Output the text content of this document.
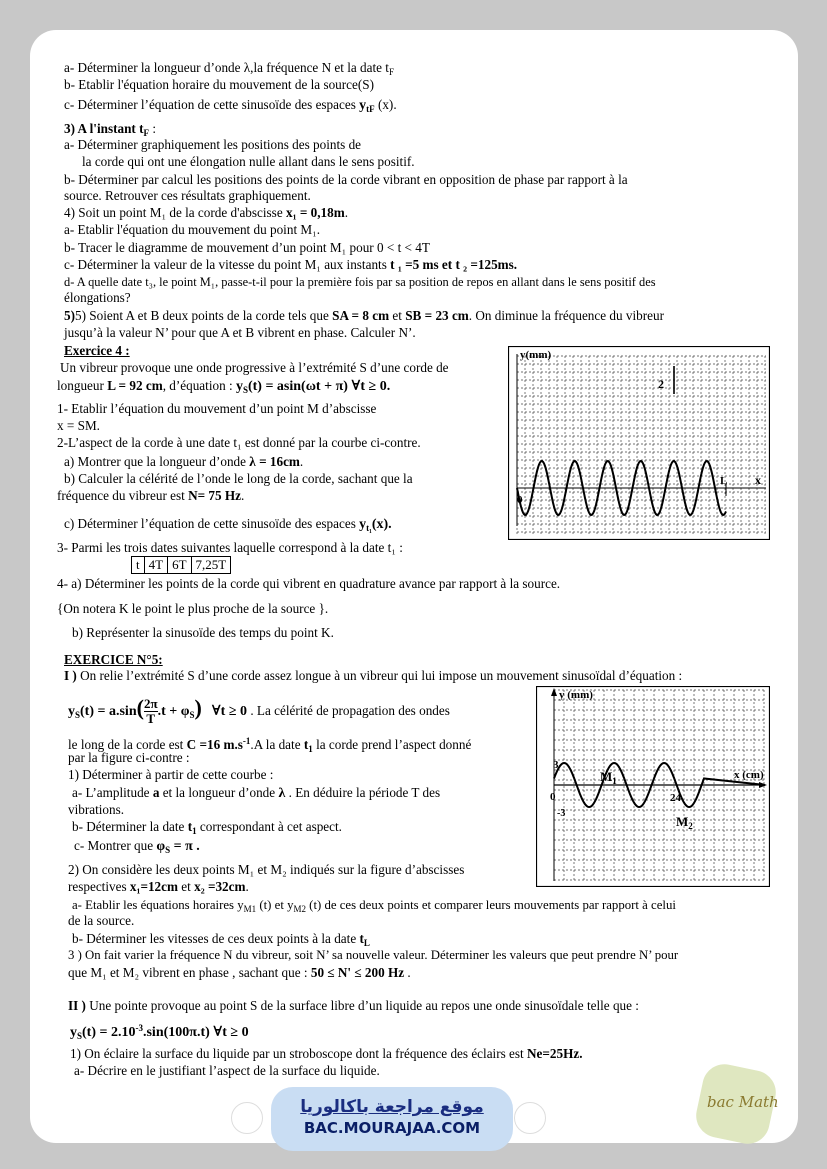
a- Déterminer la longueur d’onde λ,la fréquence N et la date $t_F$
b- Etablir l'équation horaire du mouvement de la source(S)
c- Déterminer l’équation de cette sinusoïde des espaces $y_{tF}$ (x).
3) A l'instant $t_F$ :
a- Déterminer graphiquement les positions des points de
la corde qui ont une élongation nulle allant dans le sens positif.
b- Déterminer par calcul les positions des points de la corde vibrant en opposition de phase par rapport à la
source. Retrouver ces résultats graphiquement.
4) Soit un point M₁ de la corde d'abscisse x₁ = 0,18m.
a- Etablir l'équation du mouvement du point M₁.
b- Tracer le diagramme de mouvement d’un point M₁ pour 0 < t < 4T
c- Déterminer la valeur de la vitesse du point M₁ aux instants t ₁ =5 ms et t ₂ =125ms.
d- A quelle date t₃, le point M₁, passe-t-il pour la première fois par sa position de repos en allant dans le sens positif des
élongations?
5)5) Soient A et B deux points de la corde tels que SA = 8 cm et SB = 23 cm. On diminue la fréquence du vibreur
jusqu’à la valeur N’ pour que A et B vibrent en phase. Calculer N’.
Exercice 4 :
Un vibreur provoque une onde progressive à l’extrémité S d’une corde de
longueur L = 92 cm, d’équation : $y_S(t) = asin(\omega t + \pi)$ ∀t ≥ 0.
1- Etablir l’équation du mouvement d’un point M d’abscisse
x = SM.
2-L’aspect de la corde à une date t₁ est donné par la courbe ci-contre.
a) Montrer que la longueur d’onde λ = 16cm.
b) Calculer la célérité de l’onde le long de la corde, sachant que la
fréquence du vibreur est N= 75 Hz.
c) Déterminer l’équation de cette sinusoïde des espaces $y_{t_1}(x)$.
3- Parmi les trois dates suivantes laquelle correspond à la date t₁ :
t	4T	6T	7,25T
4- a) Déterminer les points de la corde qui vibrent en quadrature avance par rapport à la source.
{On notera K le point le plus proche de la source }.
b) Représenter la sinusoïde des temps du point K.
y(mm)
2
x
0
L
EXERCICE N°5:
I ) On relie l’extrémité S d’une corde assez longue à un vibreur qui lui impose un mouvement sinusoïdal d’équation :
$y_S(t) = a.\sin( \frac{2\pi}{T} .t + \varphi_S)$ ∀t ≥ 0 . La célérité de propagation des ondes
le long de la corde est C =16 $m.s^{-1}.A$ la date $t_1$ la corde prend l’aspect donné
par la figure ci-contre :
1) Déterminer à partir de cette courbe :
a- L’amplitude a et la longueur d’onde λ . En déduire la période T des
vibrations.
b- Déterminer la date $t_1$ correspondant à cet aspect.
c- Montrer que $\varphi_S = \pi$ .
2) On considère les deux points M₁ et M₂ indiqués sur la figure d’abscisses
respectives x₁=12cm et x₂ =32cm.
a- Etablir les équations horaires $y_{M1}$ (t) et $y_{M2}$ (t) de ces deux points et comparer leurs mouvements par rapport à celui
de la source.
b- Déterminer les vitesses de ces deux points à la date $t_L$
3 ) On fait varier la fréquence N du vibreur, soit N’ sa nouvelle valeur. Déterminer les valeurs que peut prendre N’ pour
que M₁ et M₂ vibrent en phase , sachant que : 50 ≤ N' ≤ 200 Hz .
II ) Une pointe provoque au point S de la surface libre d’un liquide au repos une onde sinusoïdale telle que :
$y_S(t) = 2.10^{-3}.\sin(100\pi.t)$ ∀t ≥ 0
1) On éclaire la surface du liquide par un stroboscope dont la fréquence des éclairs est Ne=25Hz.
a- Décrire en le justifiant l’aspect de la surface du liquide.
y (mm)
x (cm)
3
-3
0	24
$M_1$
$M_2$
موقع مراجعة باكالوريا
BAC.MOURAJAA.COM
bac Math
